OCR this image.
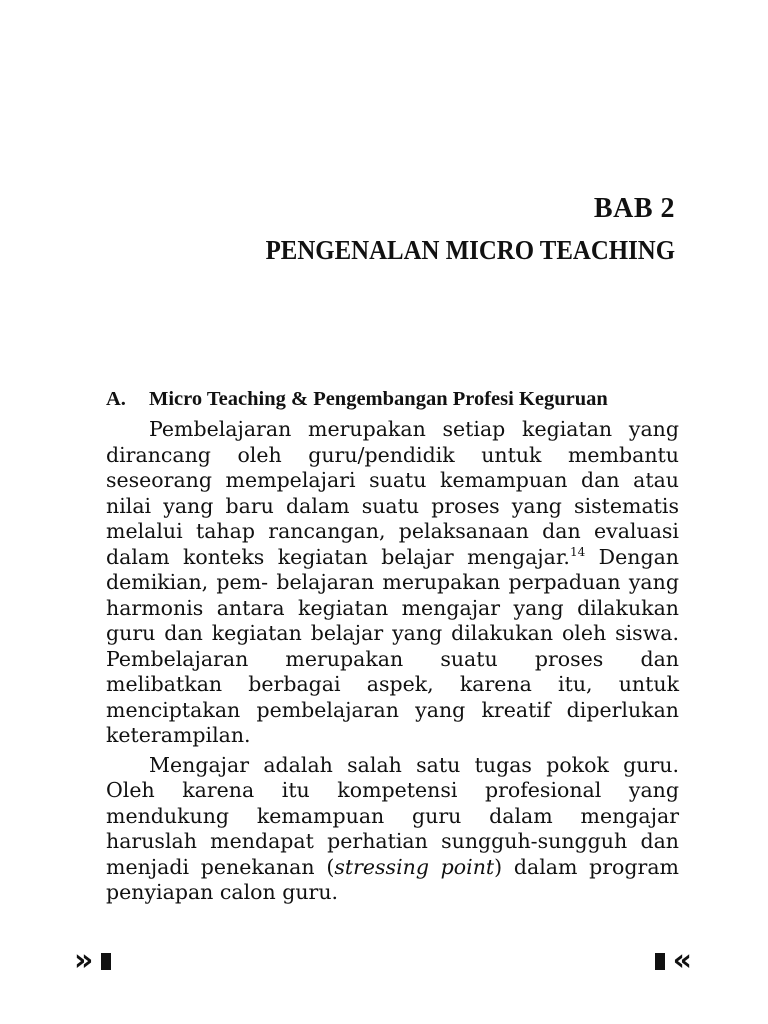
BAB 2
PENGENALAN MICRO TEACHING
A. Micro Teaching & Pengembangan Profesi Keguruan

Pembelajaran merupakan setiap kegiatan yang dirancang oleh guru/pendidik untuk membantu seseorang mempelajari suatu kemampuan dan atau nilai yang baru dalam suatu proses yang sistematis melalui tahap rancangan, pelaksanaan dan evaluasi dalam konteks kegiatan belajar mengajar.$^{14}$ Dengan demikian, pem- belajaran merupakan perpaduan yang harmonis antara kegiatan mengajar yang dilakukan guru dan kegiatan belajar yang dilakukan oleh siswa. Pembelajaran merupakan suatu proses dan melibatkan berbagai aspek, karena itu, untuk menciptakan pembelajaran yang kreatif diperlukan keterampilan.

Mengajar adalah salah satu tugas pokok guru. Oleh karena itu kompetensi profesional yang mendukung kemampuan guru dalam mengajar haruslah mendapat perhatian sungguh-sungguh dan menjadi penekanan (stressing point) dalam program penyiapan calon guru.

»	«
